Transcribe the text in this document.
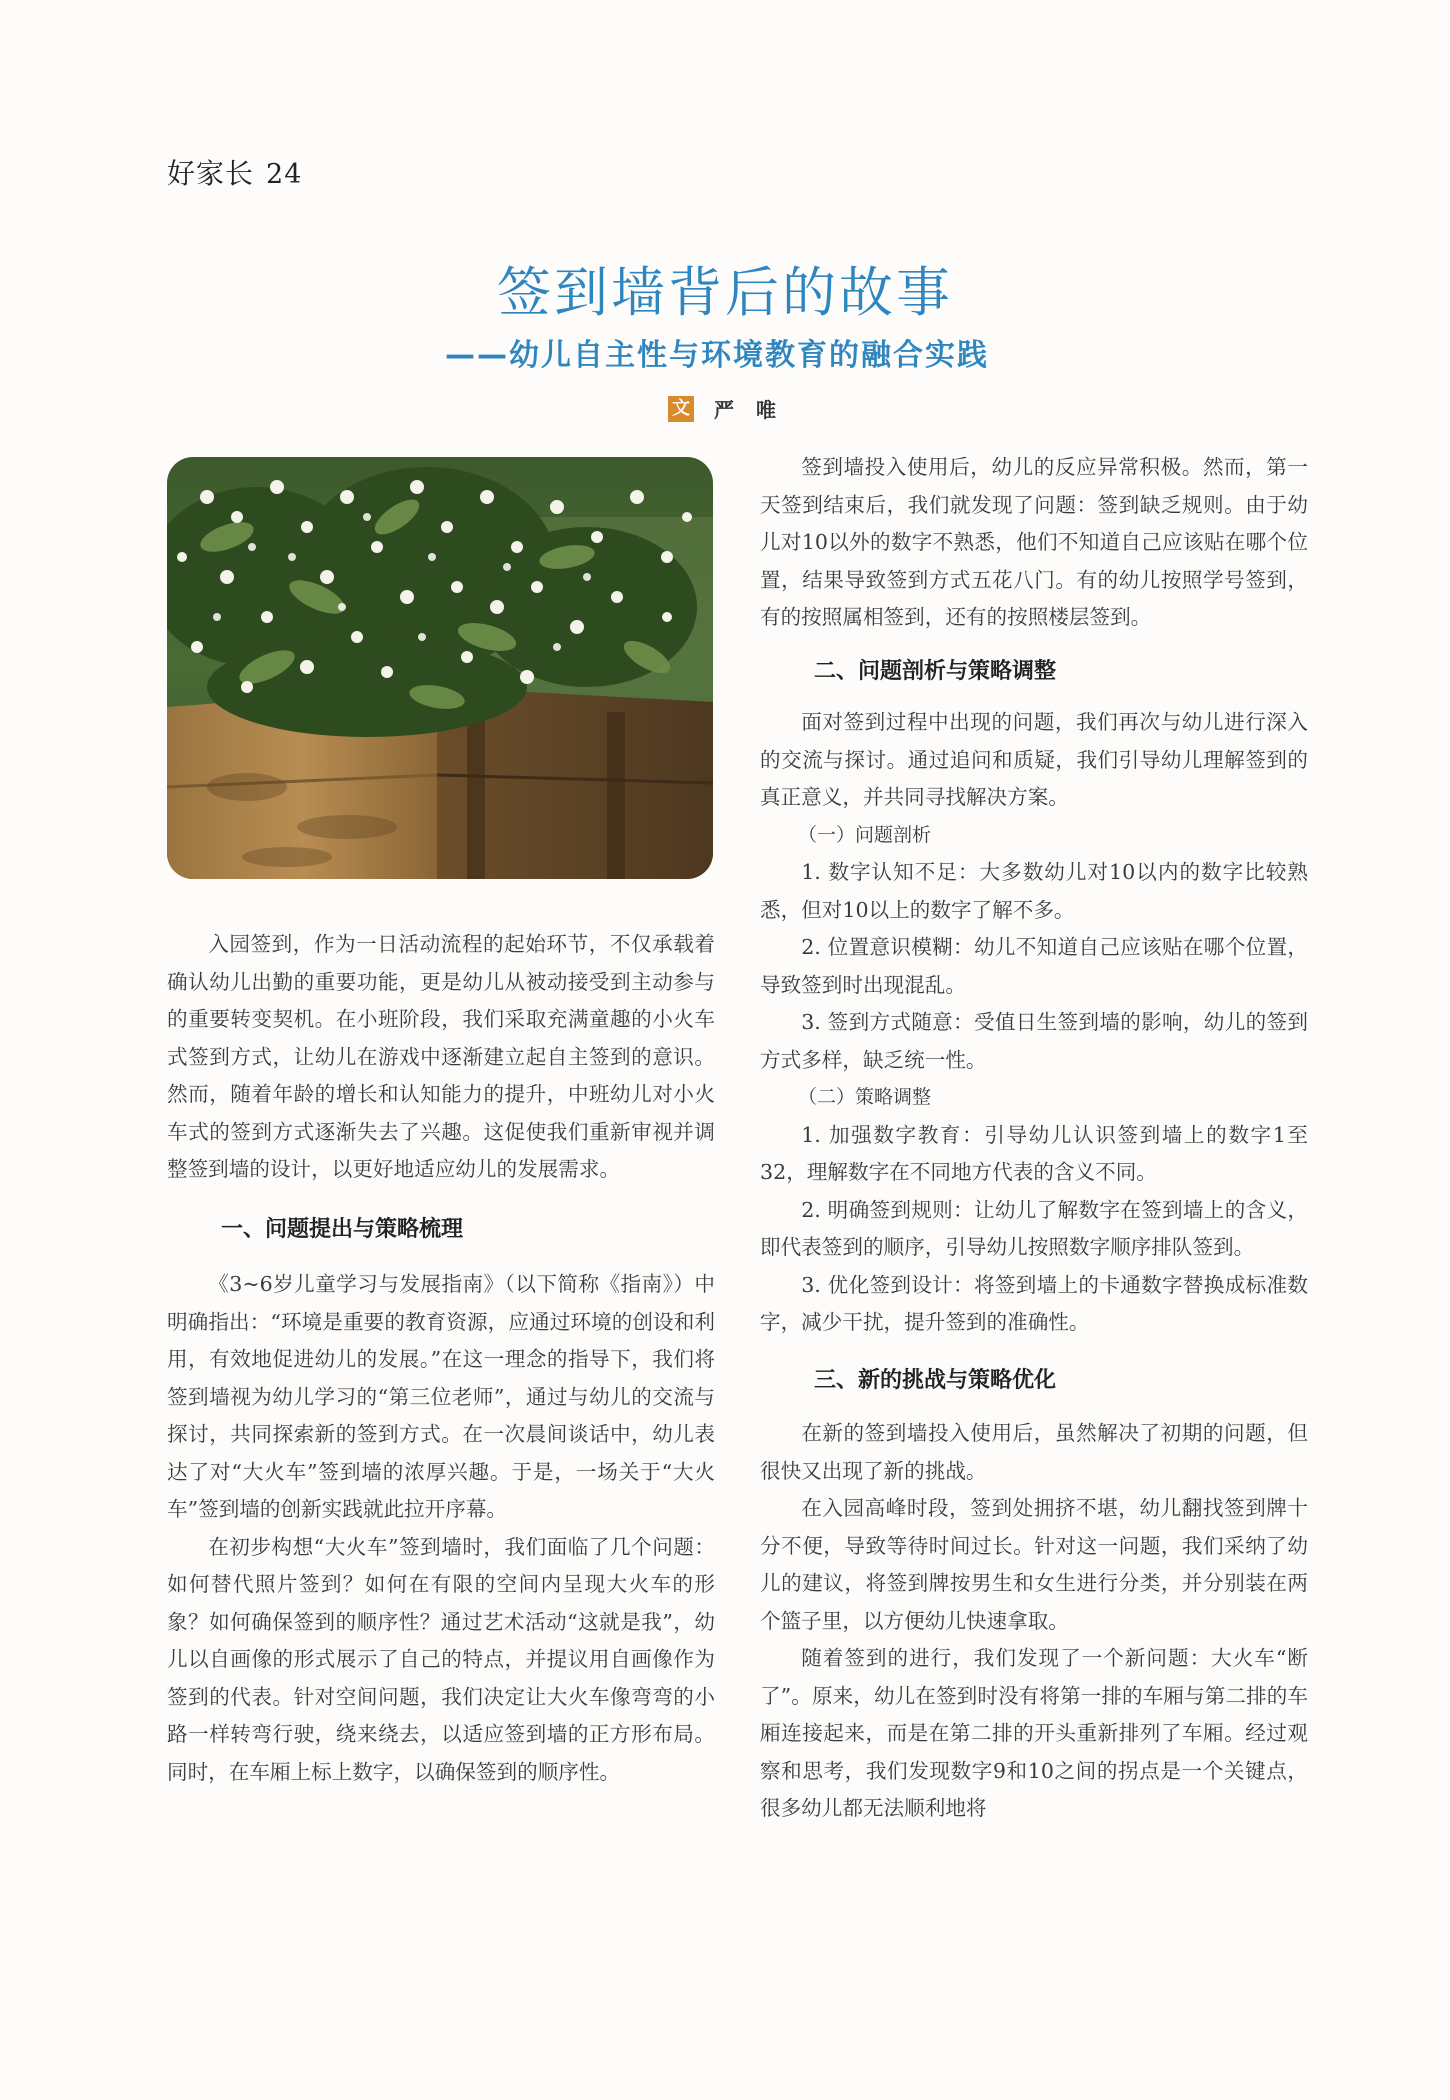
好家长 24
签到墙背后的故事
——幼儿自主性与环境教育的融合实践
文 严唯

入园签到，作为一日活动流程的起始环节，不仅承载着确认幼儿出勤的重要功能，更是幼儿从被动接受到主动参与的重要转变契机。在小班阶段，我们采取充满童趣的小火车式签到方式，让幼儿在游戏中逐渐建立起自主签到的意识。然而，随着年龄的增长和认知能力的提升，中班幼儿对小火车式的签到方式逐渐失去了兴趣。这促使我们重新审视并调整签到墙的设计，以更好地适应幼儿的发展需求。

一、问题提出与策略梳理

《3~6岁儿童学习与发展指南》（以下简称《指南》）中明确指出：“环境是重要的教育资源，应通过环境的创设和利用，有效地促进幼儿的发展。”在这一理念的指导下，我们将签到墙视为幼儿学习的“第三位老师”，通过与幼儿的交流与探讨，共同探索新的签到方式。在一次晨间谈话中，幼儿表达了对“大火车”签到墙的浓厚兴趣。于是，一场关于“大火车”签到墙的创新实践就此拉开序幕。

在初步构想“大火车”签到墙时，我们面临了几个问题：如何替代照片签到？如何在有限的空间内呈现大火车的形象？如何确保签到的顺序性？通过艺术活动“这就是我”，幼儿以自画像的形式展示了自己的特点，并提议用自画像作为签到的代表。针对空间问题，我们决定让大火车像弯弯的小路一样转弯行驶，绕来绕去，以适应签到墙的正方形布局。同时，在车厢上标上数字，以确保签到的顺序性。

签到墙投入使用后，幼儿的反应异常积极。然而，第一天签到结束后，我们就发现了问题：签到缺乏规则。由于幼儿对10以外的数字不熟悉，他们不知道自己应该贴在哪个位置，结果导致签到方式五花八门。有的幼儿按照学号签到，有的按照属相签到，还有的按照楼层签到。

二、问题剖析与策略调整

面对签到过程中出现的问题，我们再次与幼儿进行深入的交流与探讨。通过追问和质疑，我们引导幼儿理解签到的真正意义，并共同寻找解决方案。

（一）问题剖析

1. 数字认知不足：大多数幼儿对10以内的数字比较熟悉，但对10以上的数字了解不多。

2. 位置意识模糊：幼儿不知道自己应该贴在哪个位置，导致签到时出现混乱。

3. 签到方式随意：受值日生签到墙的影响，幼儿的签到方式多样，缺乏统一性。

（二）策略调整

1. 加强数字教育：引导幼儿认识签到墙上的数字1至32，理解数字在不同地方代表的含义不同。

2. 明确签到规则：让幼儿了解数字在签到墙上的含义，即代表签到的顺序，引导幼儿按照数字顺序排队签到。

3. 优化签到设计：将签到墙上的卡通数字替换成标准数字，减少干扰，提升签到的准确性。

三、新的挑战与策略优化

在新的签到墙投入使用后，虽然解决了初期的问题，但很快又出现了新的挑战。

在入园高峰时段，签到处拥挤不堪，幼儿翻找签到牌十分不便，导致等待时间过长。针对这一问题，我们采纳了幼儿的建议，将签到牌按男生和女生进行分类，并分别装在两个篮子里，以方便幼儿快速拿取。

随着签到的进行，我们发现了一个新问题：大火车“断了”。原来，幼儿在签到时没有将第一排的车厢与第二排的车厢连接起来，而是在第二排的开头重新排列了车厢。经过观察和思考，我们发现数字9和10之间的拐点是一个关键点，很多幼儿都无法顺利地将
